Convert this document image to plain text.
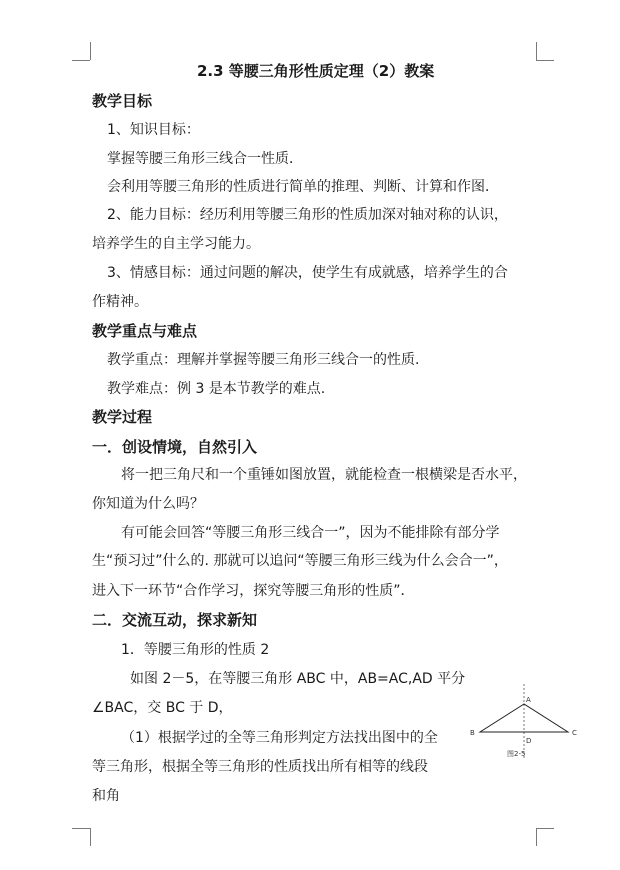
2.3 等腰三角形性质定理（2）教案
教学目标
1、知识目标：
掌握等腰三角形三线合一性质．
会利用等腰三角形的性质进行简单的推理、判断、计算和作图．
2、能力目标：经历利用等腰三角形的性质加深对轴对称的认识，
培养学生的自主学习能力。
3、情感目标：通过问题的解决，使学生有成就感，培养学生的合
作精神。
教学重点与难点
教学重点：理解并掌握等腰三角形三线合一的性质.
教学难点：例 3 是本节教学的难点.
教学过程
一．创设情境，自然引入
将一把三角尺和一个重锤如图放置，就能检查一根横梁是否水平，
你知道为什么吗？
有可能会回答“等腰三角形三线合一”，因为不能排除有部分学
生“预习过”什么的. 那就可以追问“等腰三角形三线为什么会合一”，
进入下一环节“合作学习，探究等腰三角形的性质”．
二．交流互动，探求新知
1．等腰三角形的性质 2
如图 2－5，在等腰三角形 ABC 中，AB=AC,AD 平分
∠BAC，交 BC 于 D，
（1）根据学过的全等三角形判定方法找出图中的全
等三角形，根据全等三角形的性质找出所有相等的线段
和角
A
B	C
D
图2-5
